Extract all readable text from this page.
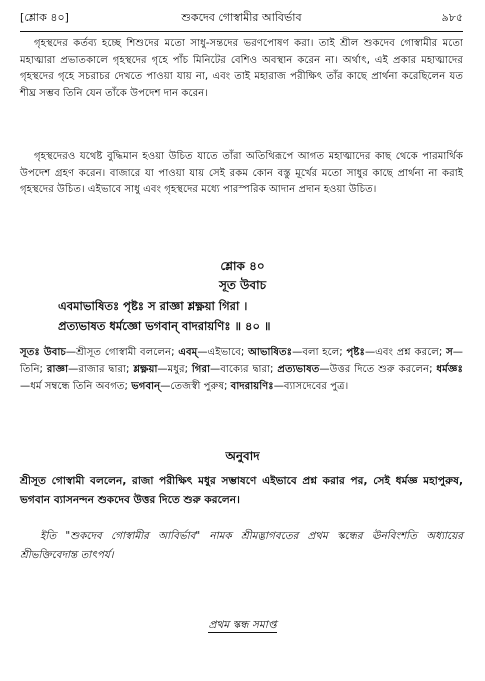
[শ্লোক ৪০]	শুকদেব গোস্বামীর আবির্ভাব	৯৮৫
গৃহস্থদের কর্তব্য হচ্ছে শিশুদের মতো সাধু-সন্তদের ভরণপোষণ করা। তাই শ্রীল শুকদেব গোস্বামীর মতো মহাত্মারা প্রভাতকালে গৃহস্থদের গৃহে পাঁচ মিনিটের বেশিও অবস্থান করেন না। অর্থাৎ, এই প্রকার মহাত্মাদের গৃহস্থদের গৃহে সচরাচর দেখতে পাওয়া যায় না, এবং তাই মহারাজ পরীক্ষিৎ তাঁর কাছে প্রার্থনা করেছিলেন যত শীঘ্র সম্ভব তিনি যেন তাঁকে উপদেশ দান করেন।
গৃহস্থদেরও যথেষ্ট বুদ্ধিমান হওয়া উচিত যাতে তাঁরা অতিথিরূপে আগত মহাত্মাদের কাছ থেকে পারমার্থিক উপদেশ গ্রহণ করেন। বাজারে যা পাওয়া যায় সেই রকম কোন বস্তু মূর্খের মতো সাধুর কাছে প্রার্থনা না করাই গৃহস্থদের উচিত। এইভাবে সাধু এবং গৃহস্থদের মধ্যে পারস্পরিক আদান প্রদান হওয়া উচিত।
শ্লোক ৪০
সূত উবাচ
এবমাভাষিতঃ পৃষ্টঃ স রাজ্ঞা শ্লক্ষ্ণয়া গিরা ।
প্রত্যভাষত ধর্মজ্ঞো ভগবান্ বাদরায়ণিঃ ॥ ৪০ ॥
সূতঃ উবাচ—শ্রীসূত গোস্বামী বললেন; এবম্—এইভাবে; আভাষিতঃ—বলা হলে; পৃষ্টঃ—এবং প্রশ্ন করলে; স—তিনি; রাজ্ঞা—রাজার দ্বারা; শ্লক্ষ্ণয়া—মধুর; গিরা—বাক্যের দ্বারা; প্রত্যভাষত—উত্তর দিতে শুরু করলেন; ধর্মজ্ঞঃ—ধর্ম সম্বন্ধে তিনি অবগত; ভগবান্—তেজস্বী পুরুষ; বাদরায়ণিঃ—ব্যাসদেবের পুত্র।
অনুবাদ
শ্রীসূত গোস্বামী বললেন, রাজা পরীক্ষিৎ মধুর সম্ভাষণে এইভাবে প্রশ্ন করার পর, সেই ধর্মজ্ঞ মহাপুরুষ, ভগবান ব্যাসনন্দন শুকদেব উত্তর দিতে শুরু করলেন।
ইতি "শুকদেব গোস্বামীর আবির্ভাব" নামক শ্রীমদ্ভাগবতের প্রথম স্কন্ধের ঊনবিংশতি অধ্যায়ের শ্রীভক্তিবেদান্ত তাৎপর্য।
প্রথম স্কন্ধ সমাপ্ত
